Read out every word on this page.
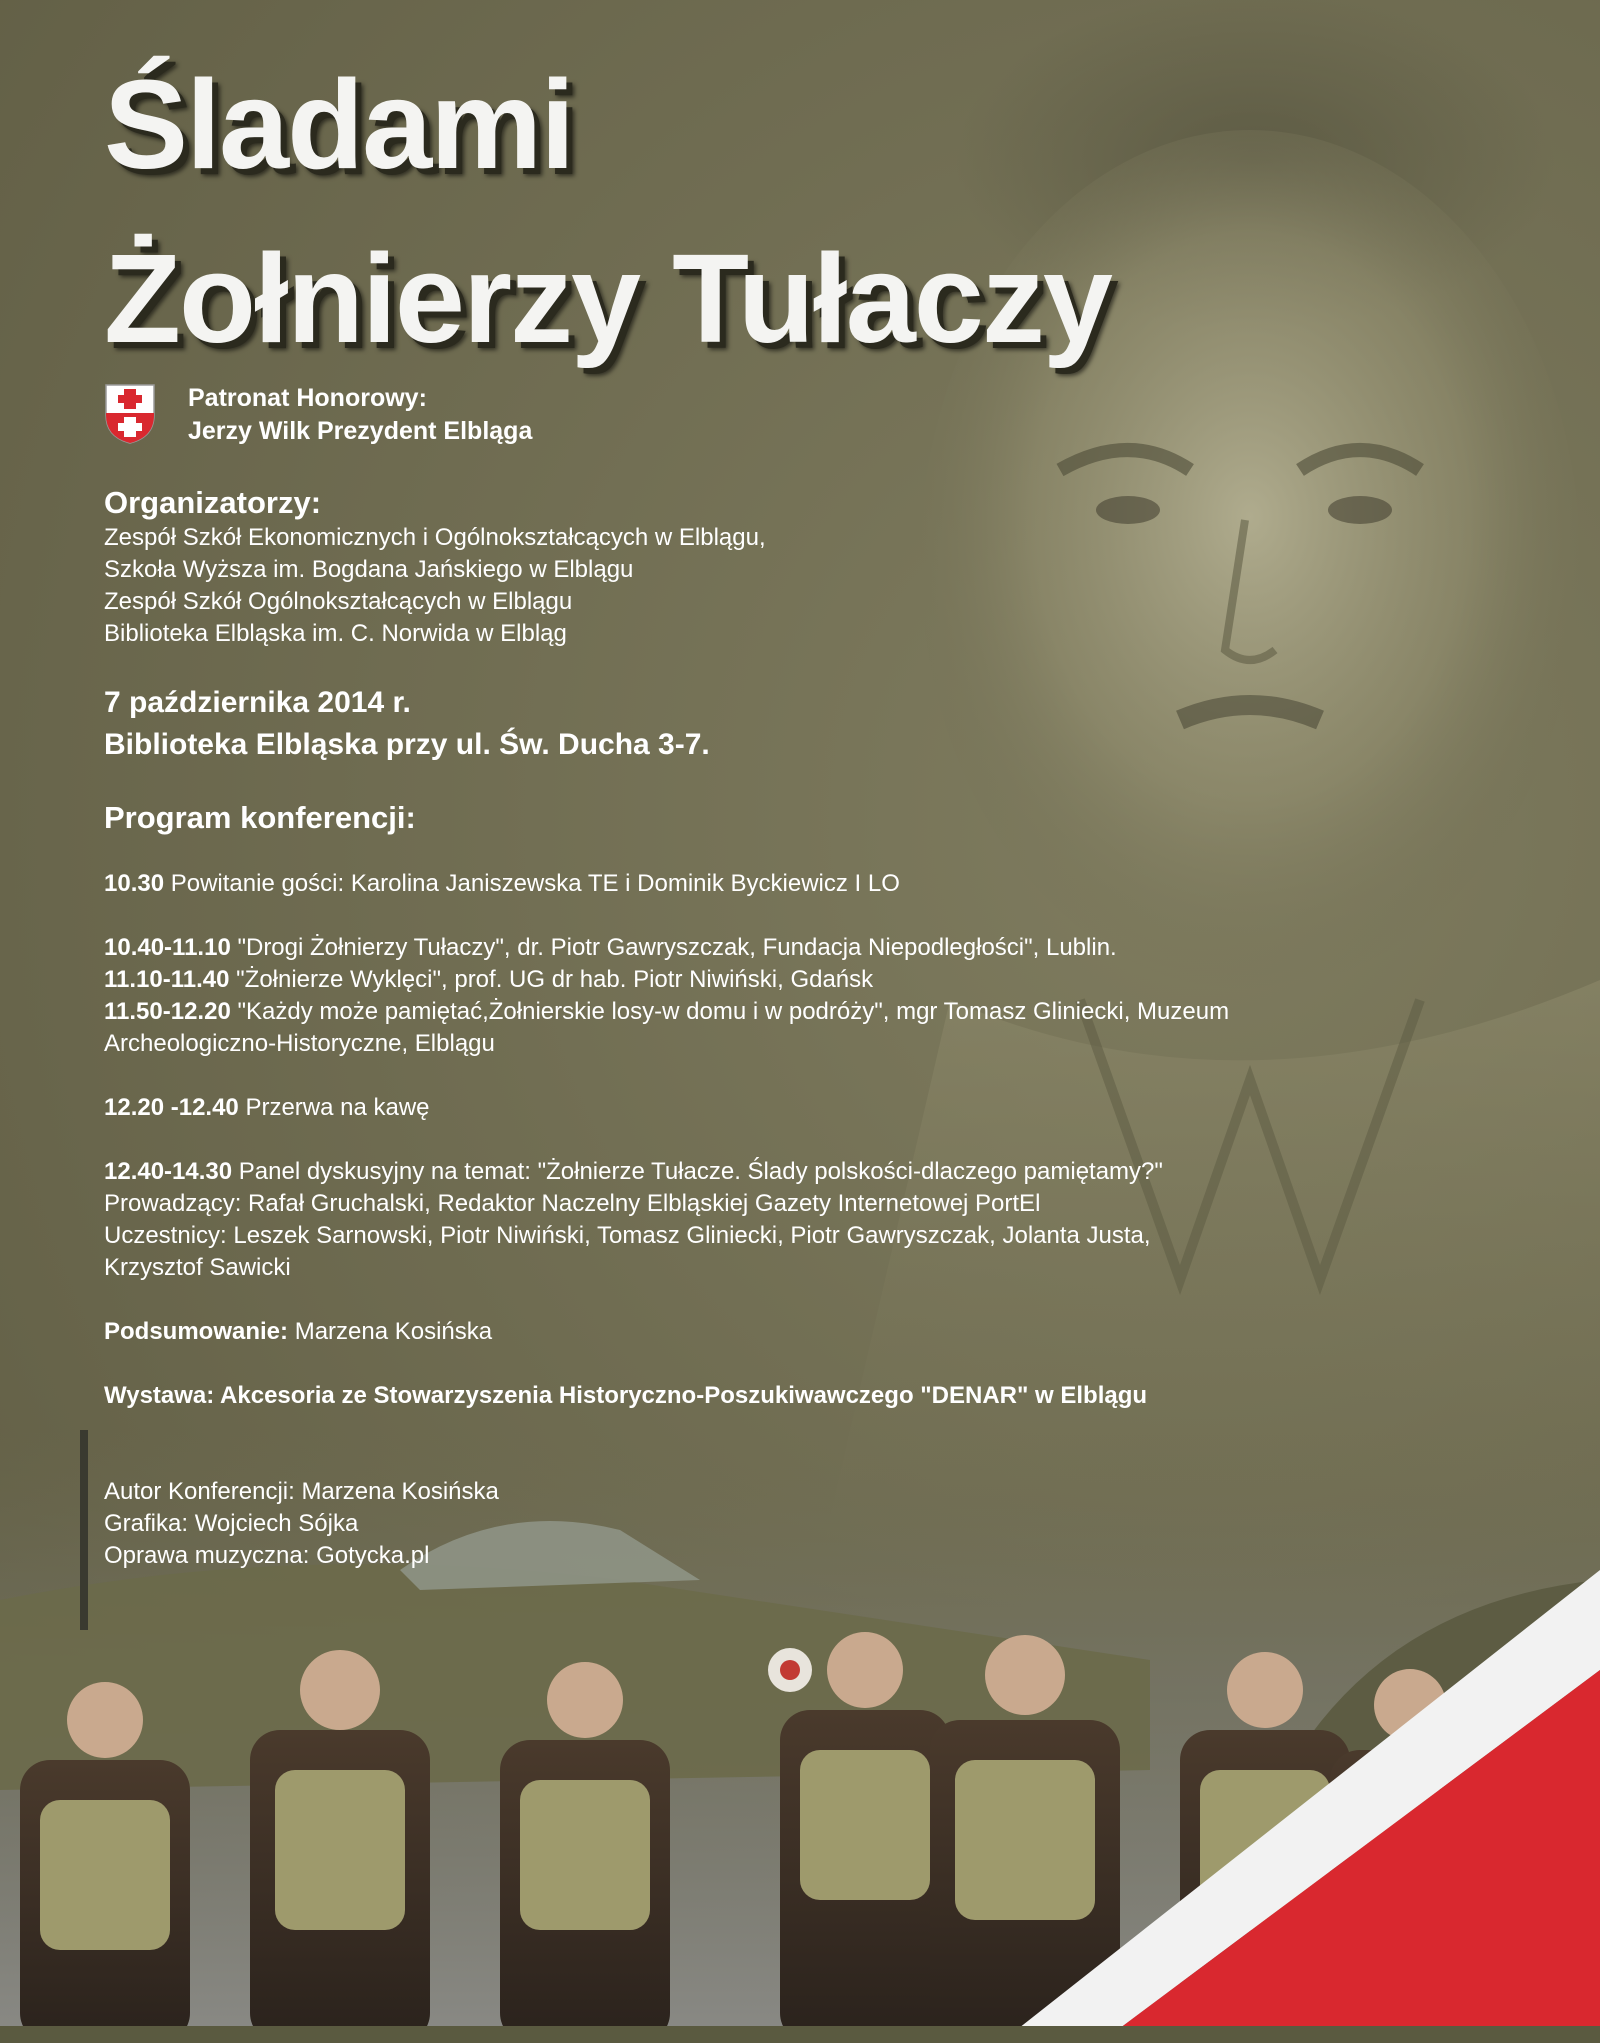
Śladami
Żołnierzy Tułaczy
Patronat Honorowy:
Jerzy Wilk Prezydent Elbląga
Organizatorzy:
Zespół Szkół Ekonomicznych i Ogólnokształcących w Elblągu,
Szkoła Wyższa im. Bogdana Jańskiego w Elblągu
Zespół Szkół Ogólnokształcących w Elblągu
Biblioteka Elbląska im. C. Norwida w Elbląg
7 października 2014 r.
Biblioteka Elbląska przy ul. Św. Ducha 3-7.
Program konferencji:
10.30 Powitanie gości: Karolina Janiszewska TE i Dominik Byckiewicz I LO
10.40-11.10 "Drogi Żołnierzy Tułaczy", dr. Piotr Gawryszczak, Fundacja Niepodległości", Lublin.
11.10-11.40 "Żołnierze Wyklęci", prof. UG dr hab. Piotr Niwiński, Gdańsk
11.50-12.20 "Każdy może pamiętać,Żołnierskie losy-w domu i w podróży", mgr Tomasz Gliniecki, Muzeum
Archeologiczno-Historyczne, Elblągu
12.20 -12.40 Przerwa na kawę
12.40-14.30 Panel dyskusyjny na temat: "Żołnierze Tułacze. Ślady polskości-dlaczego pamiętamy?"
Prowadzący: Rafał Gruchalski, Redaktor Naczelny Elbląskiej Gazety Internetowej PortEl
Uczestnicy: Leszek Sarnowski, Piotr Niwiński, Tomasz Gliniecki, Piotr Gawryszczak, Jolanta Justa,
Krzysztof Sawicki
Podsumowanie: Marzena Kosińska
Wystawa: Akcesoria ze Stowarzyszenia Historyczno-Poszukiwawczego "DENAR" w Elblągu
Autor Konferencji: Marzena Kosińska
Grafika: Wojciech Sójka
Oprawa muzyczna: Gotycka.pl
